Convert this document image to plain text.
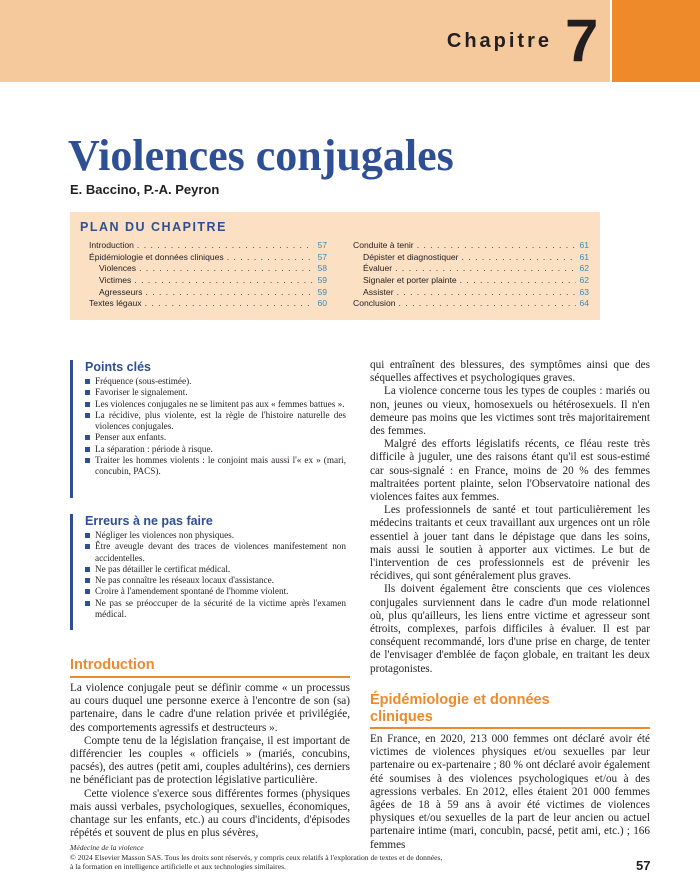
Chapitre 7
Violences conjugales
E. Baccino, P.-A. Peyron
PLAN DU CHAPITRE
Introduction . . .	57
Épidémiologie et données cliniques . . .	57
Violences . . .	58
Victimes . . .	59
Agresseurs . . .	59
Textes légaux . . .	60
Conduite à tenir . . .	61
Dépister et diagnostiquer . . .	61
Évaluer . . .	62
Signaler et porter plainte . . .	62
Assister . . .	63
Conclusion . . .	64
Points clés
Fréquence (sous-estimée).
Favoriser le signalement.
Les violences conjugales ne se limitent pas aux « femmes battues ».
La récidive, plus violente, est la règle de l'histoire naturelle des violences conjugales.
Penser aux enfants.
La séparation : période à risque.
Traiter les hommes violents : le conjoint mais aussi l'« ex » (mari, concubin, PACS).
Erreurs à ne pas faire
Négliger les violences non physiques.
Être aveugle devant des traces de violences manifestement non accidentelles.
Ne pas détailler le certificat médical.
Ne pas connaître les réseaux locaux d'assistance.
Croire à l'amendement spontané de l'homme violent.
Ne pas se préoccuper de la sécurité de la victime après l'examen médical.
Introduction

La violence conjugale peut se définir comme « un processus au cours duquel une personne exerce à l'encontre de son (sa) partenaire, dans le cadre d'une relation privée et privilégiée, des comportements agressifs et destructeurs ».

Compte tenu de la législation française, il est important de différencier les couples « officiels » (mariés, concubins, pacsés), des autres (petit ami, couples adultérins), ces derniers ne bénéficiant pas de protection législative particulière.

Cette violence s'exerce sous différentes formes (physiques mais aussi verbales, psychologiques, sexuelles, économiques, chantage sur les enfants, etc.) au cours d'incidents, d'épisodes répétés et souvent de plus en plus sévères,

qui entraînent des blessures, des symptômes ainsi que des séquelles affectives et psychologiques graves.

La violence concerne tous les types de couples : mariés ou non, jeunes ou vieux, homosexuels ou hétérosexuels. Il n'en demeure pas moins que les victimes sont très majoritairement des femmes.

Malgré des efforts législatifs récents, ce fléau reste très difficile à juguler, une des raisons étant qu'il est sous-estimé car sous-signalé : en France, moins de 20 % des femmes maltraitées portent plainte, selon l'Observatoire national des violences faites aux femmes.

Les professionnels de santé et tout particulièrement les médecins traitants et ceux travaillant aux urgences ont un rôle essentiel à jouer tant dans le dépistage que dans les soins, mais aussi le soutien à apporter aux victimes. Le but de l'intervention de ces professionnels est de prévenir les récidives, qui sont généralement plus graves.

Ils doivent également être conscients que ces violences conjugales surviennent dans le cadre d'un mode relationnel où, plus qu'ailleurs, les liens entre victime et agresseur sont étroits, complexes, parfois difficiles à évaluer. Il est par conséquent recommandé, lors d'une prise en charge, de tenter de l'envisager d'emblée de façon globale, en traitant les deux protagonistes.

Épidémiologie et données cliniques

En France, en 2020, 213 000 femmes ont déclaré avoir été victimes de violences physiques et/ou sexuelles par leur partenaire ou ex-partenaire ; 80 % ont déclaré avoir également été soumises à des violences psychologiques et/ou à des agressions verbales. En 2012, elles étaient 201 000 femmes âgées de 18 à 59 ans à avoir été victimes de violences physiques et/ou sexuelles de la part de leur ancien ou actuel partenaire intime (mari, concubin, pacsé, petit ami, etc.) ; 166 femmes

Médecine de la violence
© 2024 Elsevier Masson SAS. Tous les droits sont réservés, y compris ceux relatifs à l'exploration de textes et de données,
à la formation en intelligence artificielle et aux technologies similaires.	57
